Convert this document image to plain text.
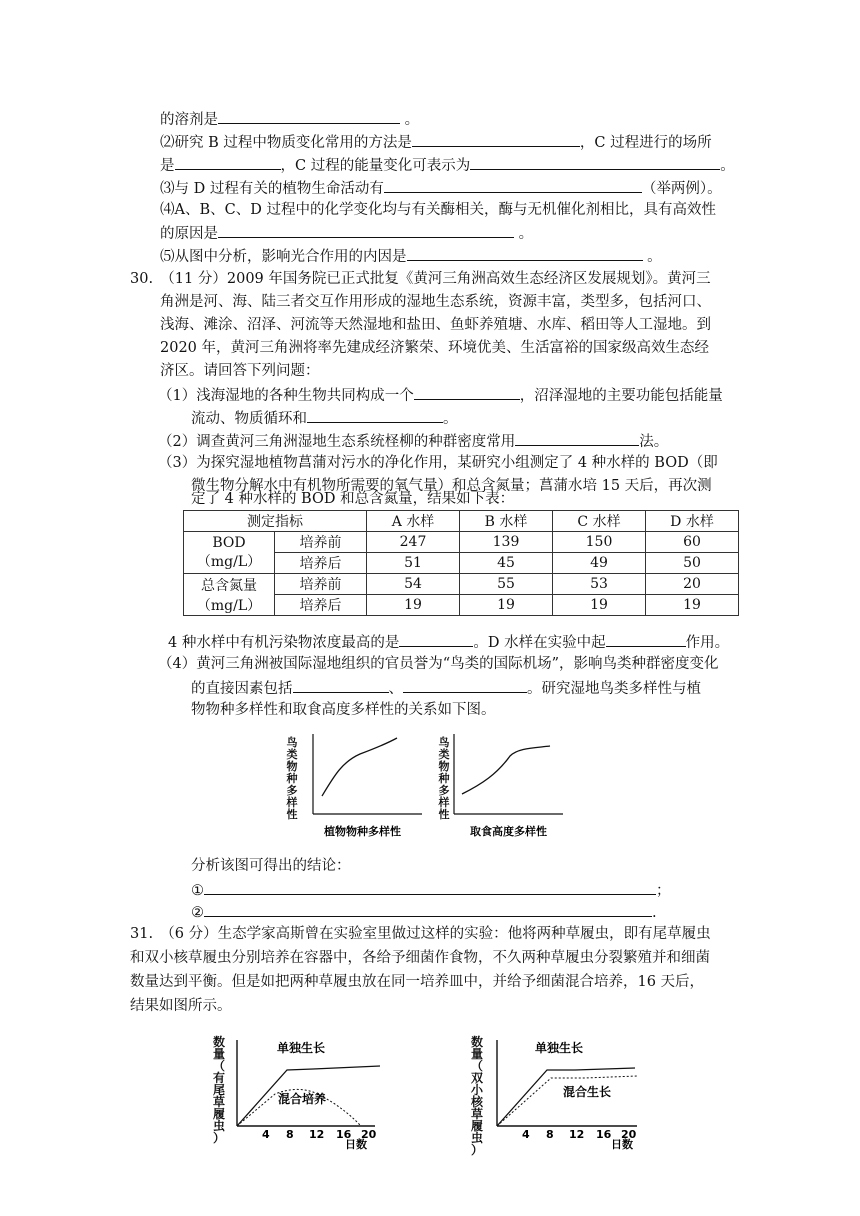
的溶剂是	。
⑵研究 B 过程中物质变化常用的方法是	，C 过程进行的场所
是	，C 过程的能量变化可表示为	。
⑶与 D 过程有关的植物生命活动有	（举两例）。
⑷A、B、C、D 过程中的化学变化均与有关酶相关，酶与无机催化剂相比，具有高效性
的原因是	。
⑸从图中分析，影响光合作用的内因是	。
30.　（11 分）2009 年国务院已正式批复《黄河三角洲高效生态经济区发展规划》。黄河三
角洲是河、海、陆三者交互作用形成的湿地生态系统，资源丰富，类型多，包括河口、
浅海、滩涂、沼泽、河流等天然湿地和盐田、鱼虾养殖塘、水库、稻田等人工湿地。到
2020 年，黄河三角洲将率先建成经济繁荣、环境优美、生活富裕的国家级高效生态经
济区。请回答下列问题：
（1）浅海湿地的各种生物共同构成一个	，沼泽湿地的主要功能包括能量
流动、物质循环和	。
（2）调查黄河三角洲湿地生态系统柽柳的种群密度常用	法。
（3）为探究湿地植物菖蒲对污水的净化作用，某研究小组测定了 4 种水样的 BOD（即
微生物分解水中有机物所需要的氧气量）和总含氮量；菖蒲水培 15 天后，再次测
定了 4 种水样的 BOD 和总含氮量，结果如下表：
测定指标		A 水样	B 水样	C 水样	D 水样

BOD
（mg/L）	培养前	247	139	150	60
	培养后	51	45	49	50

总含氮量
（mg/L）	培养前	54	55	53	20
	培养后	19	19	19	19
4 种水样中有机污染物浓度最高的是	。D 水样在实验中起	作用。
（4）黄河三角洲被国际湿地组织的官员誉为“鸟类的国际机场”，影响鸟类种群密度变化
的直接因素包括	、	。研究湿地鸟类多样性与植
物物种多样性和取食高度多样性的关系如下图。
植物物种多样性	取食高度多样性
鸟
类
物
种
多
样
性
鸟
类
物
种
多
样
性
分析该图可得出的结论：
①	；
②	.
31.　（6 分）生态学家高斯曾在实验室里做过这样的实验：他将两种草履虫，即有尾草履虫
和双小核草履虫分别培养在容器中，各给予细菌作食物，不久两种草履虫分裂繁殖并和细菌
数量达到平衡。但是如把两种草履虫放在同一培养皿中，并给予细菌混合培养，16 天后，
结果如图所示。
单独生长
混合培养
4 8 12 16 20
日数
单独生长
混合生长
4 8 12 16 20
日数
数
量
（
有
尾
草
履
虫
）
数
量
（
双
小
核
草
履
虫
）
